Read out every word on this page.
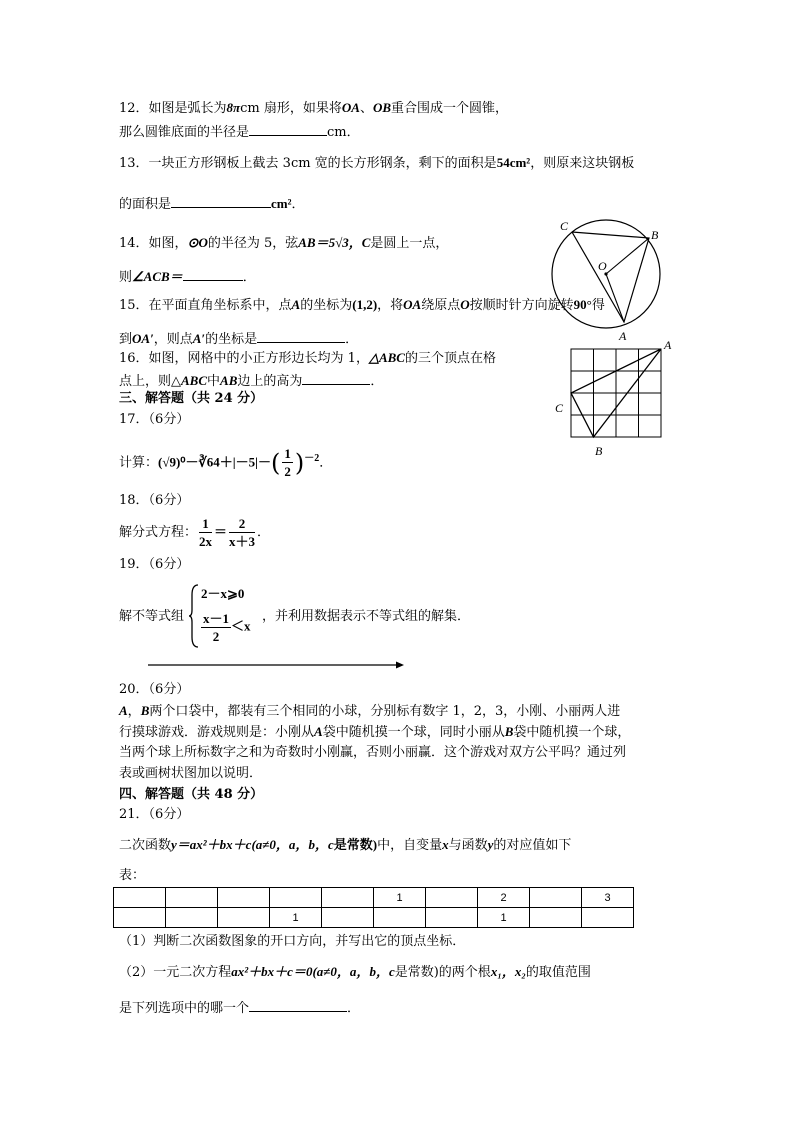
12．如图是弧长为8πcm 扇形，如果将OA、OB重合围成一个圆锥，
那么圆锥底面的半径是	cm．
13．一块正方形钢板上截去 3cm 宽的长方形钢条，剩下的面积是54cm²，则原来这块钢板
的面积是	cm²．
14．如图，⊙O的半径为 5，弦AB＝5√3，C是圆上一点，
则∠ACB＝	．
15．在平面直角坐标系中，点A的坐标为(1,2)，将OA绕原点O按顺时针方向旋转90°得
到OA′，则点A′的坐标是	．
16．如图，网格中的小正方形边长均为 1，△ABC的三个顶点在格
点上，则△ABC中AB边上的高为	．
三、解答题（共 24 分）
17．（6分）
计算：(√9)⁰－∛64＋|－5|－( $\frac{1}{2} )^{-2}$．
18．（6分）
解分式方程： $\frac{1}{2x} = \frac{2}{x+3}$ ．
19．（6分）
解不等式组
2－x⩾0
$\frac{x-1}{2} <x$
，并利用数据表示不等式组的解集．
20．（6分）
A，B两个口袋中，都装有三个相同的小球，分别标有数字 1，2，3，小刚、小丽两人进
行摸球游戏．游戏规则是：小刚从A袋中随机摸一个球，同时小丽从B袋中随机摸一个球，
当两个球上所标数字之和为奇数时小刚赢，否则小丽赢．这个游戏对双方公平吗？通过列
表或画树状图加以说明．
四、解答题（共 48 分）
21．（6分）
二次函数y＝ax²＋bx＋c(a≠0，a，b，c是常数)中，自变量x与函数y的对应值如下
表：
					1		2		3
			1				1		
（1）判断二次函数图象的开口方向，并写出它的顶点坐标．
（2）一元二次方程ax²＋bx＋c＝0(a≠0，a，b，c是常数)的两个根x₁，x₂的取值范围
是下列选项中的哪一个	．
C
B
O
A
A
C
B
